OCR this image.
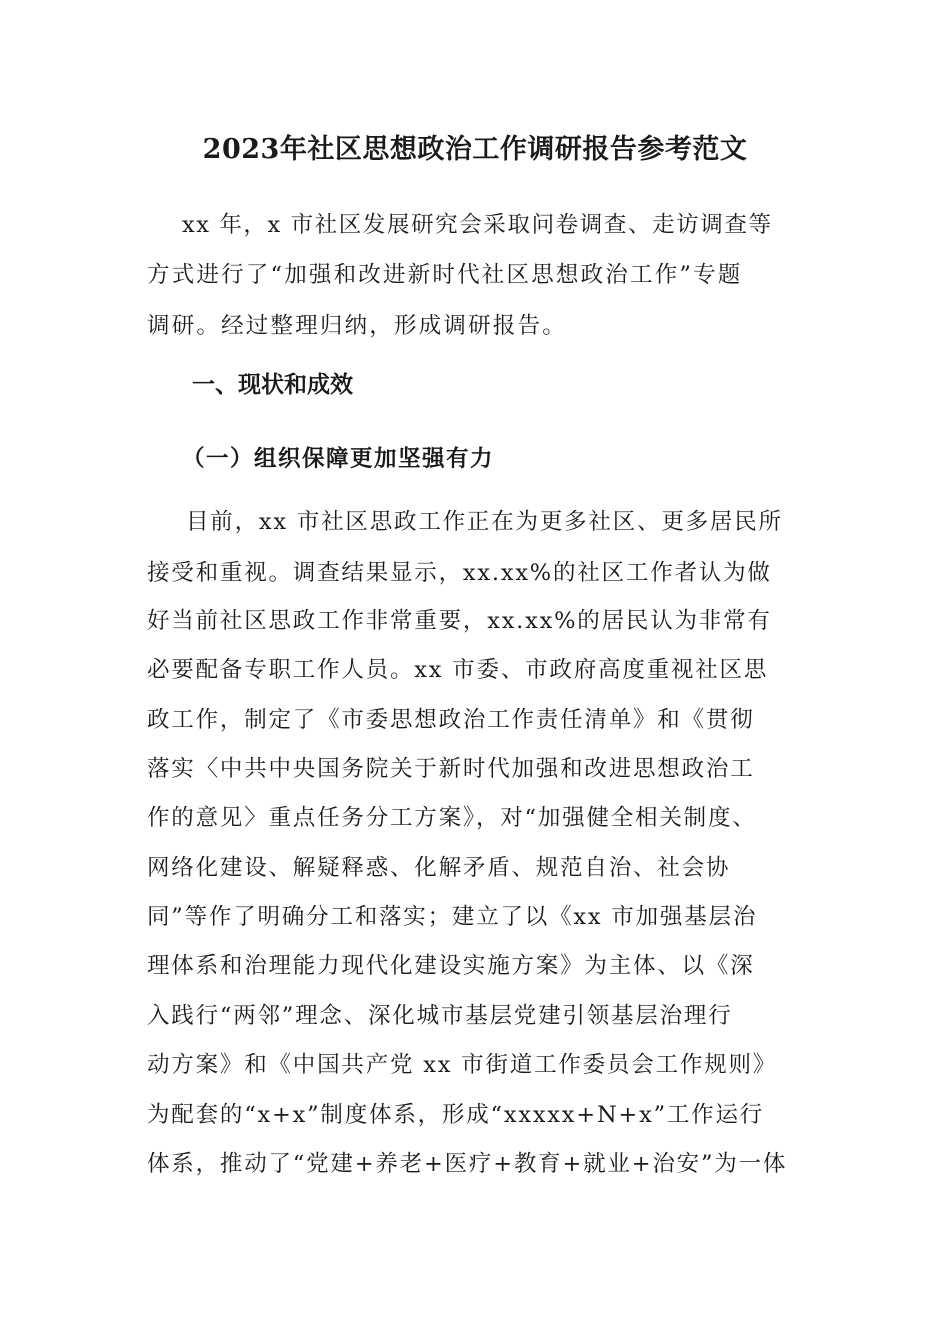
2023年社区思想政治工作调研报告参考范文

xx 年，x 市社区发展研究会采取问卷调查、走访调查等

方式进行了“加强和改进新时代社区思想政治工作”专题

调研。经过整理归纳，形成调研报告。

一、现状和成效
（一）组织保障更加坚强有力

目前，xx 市社区思政工作正在为更多社区、更多居民所

接受和重视。调查结果显示，xx.xx%的社区工作者认为做

好当前社区思政工作非常重要，xx.xx%的居民认为非常有

必要配备专职工作人员。xx 市委、市政府高度重视社区思

政工作，制定了《市委思想政治工作责任清单》和《贯彻

落实〈中共中央国务院关于新时代加强和改进思想政治工

作的意见〉重点任务分工方案》，对“加强健全相关制度、

网络化建设、解疑释惑、化解矛盾、规范自治、社会协

同”等作了明确分工和落实；建立了以《xx 市加强基层治

理体系和治理能力现代化建设实施方案》为主体、以《深

入践行“两邻”理念、深化城市基层党建引领基层治理行

动方案》和《中国共产党 xx 市街道工作委员会工作规则》

为配套的“x+x”制度体系，形成“xxxxx+N+x”工作运行

体系，推动了“党建+养老+医疗+教育+就业+治安”为一体
